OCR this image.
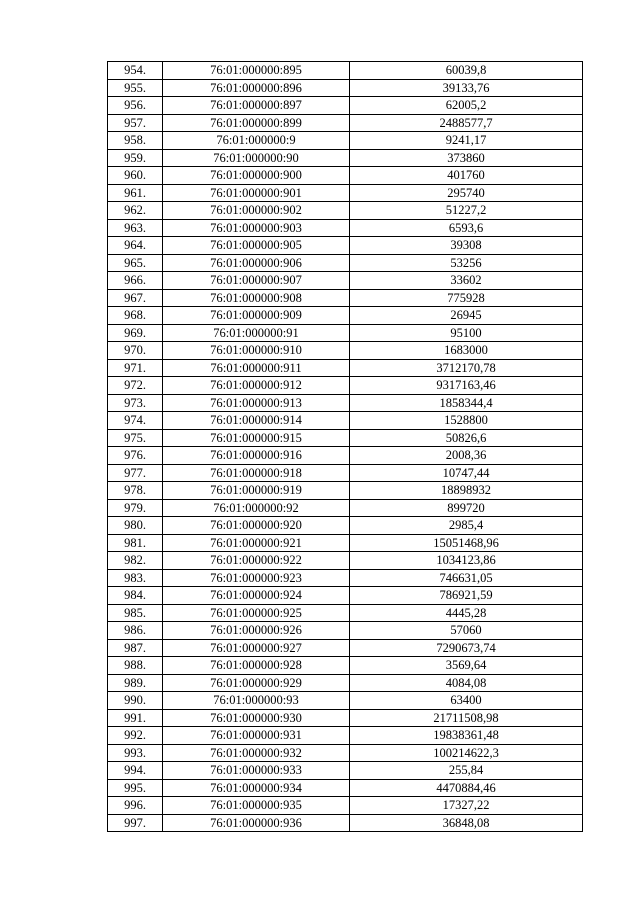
954.	76:01:000000:895	60039,8
955.	76:01:000000:896	39133,76
956.	76:01:000000:897	62005,2
957.	76:01:000000:899	2488577,7
958.	76:01:000000:9	9241,17
959.	76:01:000000:90	373860
960.	76:01:000000:900	401760
961.	76:01:000000:901	295740
962.	76:01:000000:902	51227,2
963.	76:01:000000:903	6593,6
964.	76:01:000000:905	39308
965.	76:01:000000:906	53256
966.	76:01:000000:907	33602
967.	76:01:000000:908	775928
968.	76:01:000000:909	26945
969.	76:01:000000:91	95100
970.	76:01:000000:910	1683000
971.	76:01:000000:911	3712170,78
972.	76:01:000000:912	9317163,46
973.	76:01:000000:913	1858344,4
974.	76:01:000000:914	1528800
975.	76:01:000000:915	50826,6
976.	76:01:000000:916	2008,36
977.	76:01:000000:918	10747,44
978.	76:01:000000:919	18898932
979.	76:01:000000:92	899720
980.	76:01:000000:920	2985,4
981.	76:01:000000:921	15051468,96
982.	76:01:000000:922	1034123,86
983.	76:01:000000:923	746631,05
984.	76:01:000000:924	786921,59
985.	76:01:000000:925	4445,28
986.	76:01:000000:926	57060
987.	76:01:000000:927	7290673,74
988.	76:01:000000:928	3569,64
989.	76:01:000000:929	4084,08
990.	76:01:000000:93	63400
991.	76:01:000000:930	21711508,98
992.	76:01:000000:931	19838361,48
993.	76:01:000000:932	100214622,3
994.	76:01:000000:933	255,84
995.	76:01:000000:934	4470884,46
996.	76:01:000000:935	17327,22
997.	76:01:000000:936	36848,08
